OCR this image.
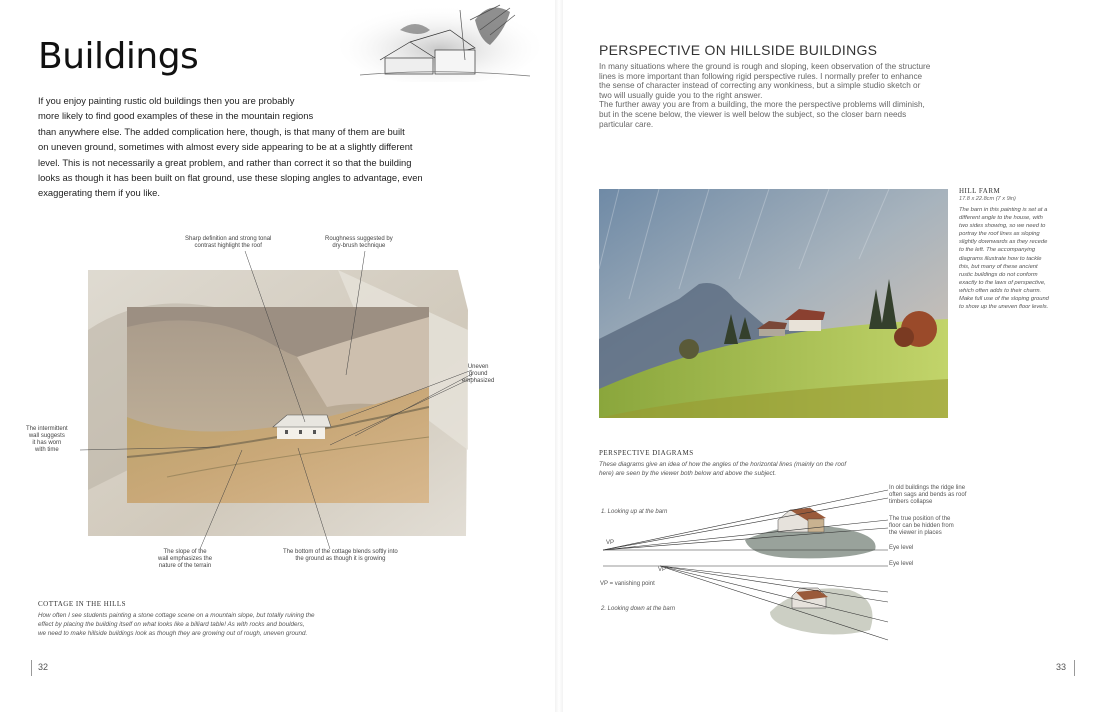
Buildings
If you enjoy painting rustic old buildings then you are probably
more likely to find good examples of these in the mountain regions
than anywhere else. The added complication here, though, is that many of them are built
on uneven ground, sometimes with almost every side appearing to be at a slightly different
level. This is not necessarily a great problem, and rather than correct it so that the building
looks as though it has been built on flat ground, use these sloping angles to advantage, even
exaggerating them if you like.
Sharp definition and strong tonal
contrast highlight the roof
Roughness suggested by
dry-brush technique
Uneven
ground
emphasized
The intermittent
wall suggests
it has worn
with time
The slope of the
wall emphasizes the
nature of the terrain
The bottom of the cottage blends softly into
the ground as though it is growing
COTTAGE IN THE HILLS
How often I see students painting a stone cottage scene on a mountain slope, but totally ruining the
effect by placing the building itself on what looks like a billiard table! As with rocks and boulders,
we need to make hillside buildings look as though they are growing out of rough, uneven ground.
32
PERSPECTIVE ON HILLSIDE BUILDINGS
In many situations where the ground is rough and sloping, keen observation of the structure
lines is more important than following rigid perspective rules. I normally prefer to enhance
the sense of character instead of correcting any wonkiness, but a simple studio sketch or
two will usually guide you to the right answer.
The further away you are from a building, the more the perspective problems will diminish,
but in the scene below, the viewer is well below the subject, so the closer barn needs
particular care.
HILL FARM
17.8 x 22.8cm (7 x 9in)
The barn in this painting is set at a
different angle to the house, with
two sides showing, so we need to
portray the roof lines as sloping
slightly downwards as they recede
to the left. The accompanying
diagrams illustrate how to tackle
this, but many of these ancient
rustic buildings do not conform
exactly to the laws of perspective,
which often adds to their charm.
Make full use of the sloping ground
to show up the uneven floor levels.
PERSPECTIVE DIAGRAMS
These diagrams give an idea of how the angles of the horizontal lines (mainly on the roof
here) are seen by the viewer both below and above the subject.
1. Looking up at the barn
VP
Eye level
Eye level
VP
VP = vanishing point
2. Looking down at the barn
In old buildings the ridge line
often sags and bends as roof
timbers collapse
The true position of the
floor can be hidden from
the viewer in places
33
